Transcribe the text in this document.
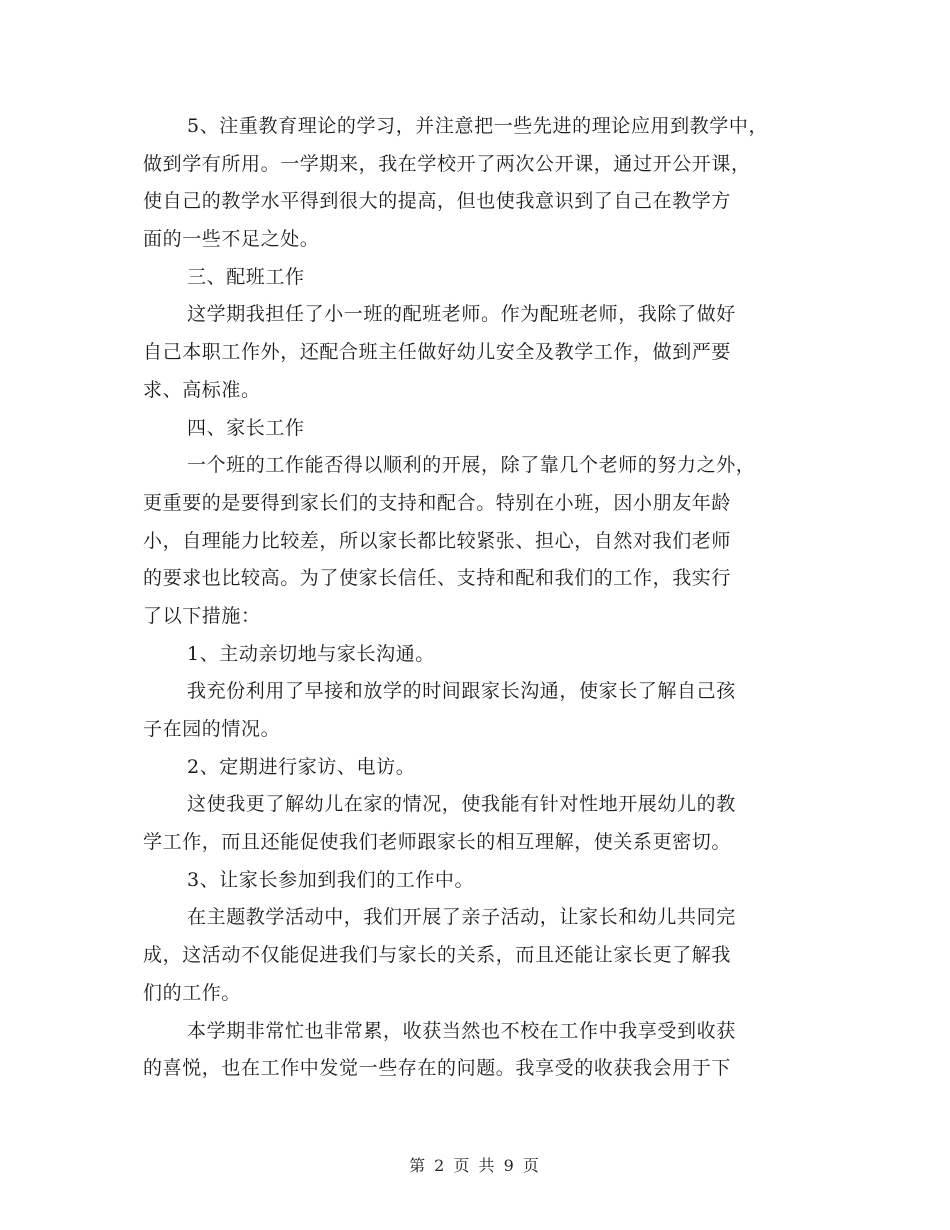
5、注重教育理论的学习，并注意把一些先进的理论应用到教学中，
做到学有所用。一学期来，我在学校开了两次公开课，通过开公开课，
使自己的教学水平得到很大的提高，但也使我意识到了自己在教学方
面的一些不足之处。
三、配班工作
这学期我担任了小一班的配班老师。作为配班老师，我除了做好
自己本职工作外，还配合班主任做好幼儿安全及教学工作，做到严要
求、高标准。
四、家长工作
一个班的工作能否得以顺利的开展，除了靠几个老师的努力之外，
更重要的是要得到家长们的支持和配合。特别在小班，因小朋友年龄
小，自理能力比较差，所以家长都比较紧张、担心，自然对我们老师
的要求也比较高。为了使家长信任、支持和配和我们的工作，我实行
了以下措施：
1、主动亲切地与家长沟通。
我充份利用了早接和放学的时间跟家长沟通，使家长了解自己孩
子在园的情况。
2、定期进行家访、电访。
这使我更了解幼儿在家的情况，使我能有针对性地开展幼儿的教
学工作，而且还能促使我们老师跟家长的相互理解，使关系更密切。
3、让家长参加到我们的工作中。
在主题教学活动中，我们开展了亲子活动，让家长和幼儿共同完
成，这活动不仅能促进我们与家长的关系，而且还能让家长更了解我
们的工作。
本学期非常忙也非常累，收获当然也不校在工作中我享受到收获
的喜悦，也在工作中发觉一些存在的问题。我享受的收获我会用于下
第 2 页 共 9 页
